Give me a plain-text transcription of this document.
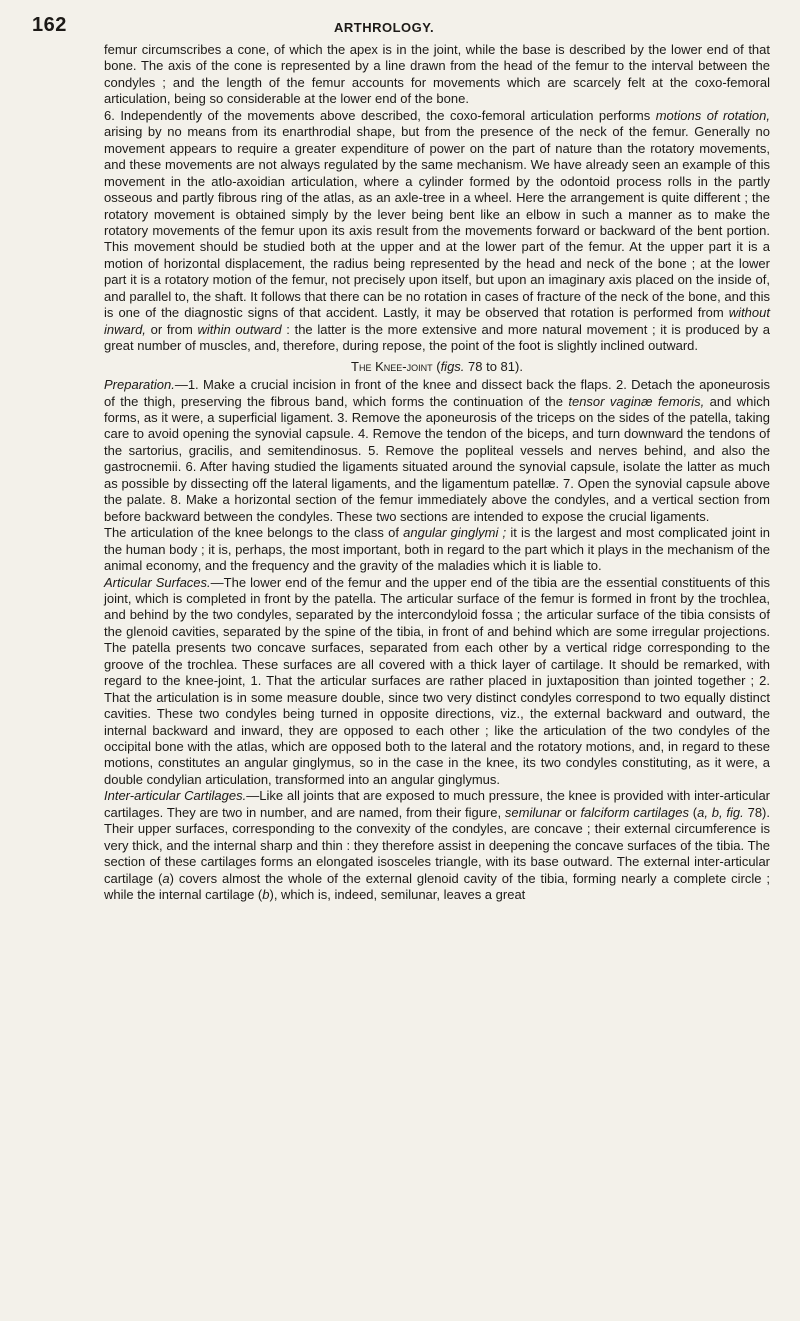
162	ARTHROLOGY.

femur circumscribes a cone, of which the apex is in the joint, while the base is described by the lower end of that bone. The axis of the cone is represented by a line drawn from the head of the femur to the interval between the condyles ; and the length of the femur accounts for movements which are scarcely felt at the coxo-femoral articulation, being so considerable at the lower end of the bone.

6. Independently of the movements above described, the coxo-femoral articulation performs motions of rotation, arising by no means from its enarthrodial shape, but from the presence of the neck of the femur. Generally no movement appears to require a greater expenditure of power on the part of nature than the rotatory movements, and these movements are not always regulated by the same mechanism. We have already seen an example of this movement in the atlo-axoidian articulation, where a cylinder formed by the odontoid process rolls in the partly osseous and partly fibrous ring of the atlas, as an axle-tree in a wheel. Here the arrangement is quite different ; the rotatory movement is obtained simply by the lever being bent like an elbow in such a manner as to make the rotatory movements of the femur upon its axis result from the movements forward or backward of the bent portion. This movement should be studied both at the upper and at the lower part of the femur. At the upper part it is a motion of horizontal displacement, the radius being represented by the head and neck of the bone ; at the lower part it is a rotatory motion of the femur, not precisely upon itself, but upon an imaginary axis placed on the inside of, and parallel to, the shaft. It follows that there can be no rotation in cases of fracture of the neck of the bone, and this is one of the diagnostic signs of that accident. Lastly, it may be observed that rotation is performed from without inward, or from within outward : the latter is the more extensive and more natural movement ; it is produced by a great number of muscles, and, therefore, during repose, the point of the foot is slightly inclined outward.

The Knee-joint (figs. 78 to 81).

Preparation.—1. Make a crucial incision in front of the knee and dissect back the flaps. 2. Detach the aponeurosis of the thigh, preserving the fibrous band, which forms the continuation of the tensor vaginæ femoris, and which forms, as it were, a superficial ligament. 3. Remove the aponeurosis of the triceps on the sides of the patella, taking care to avoid opening the synovial capsule. 4. Remove the tendon of the biceps, and turn downward the tendons of the sartorius, gracilis, and semitendinosus. 5. Remove the popliteal vessels and nerves behind, and also the gastrocnemii. 6. After having studied the ligaments situated around the synovial capsule, isolate the latter as much as possible by dissecting off the lateral ligaments, and the ligamentum patellæ. 7. Open the synovial capsule above the palate. 8. Make a horizontal section of the femur immediately above the condyles, and a vertical section from before backward between the condyles. These two sections are intended to expose the crucial ligaments.

The articulation of the knee belongs to the class of angular ginglymi ; it is the largest and most complicated joint in the human body ; it is, perhaps, the most important, both in regard to the part which it plays in the mechanism of the animal economy, and the frequency and the gravity of the maladies which it is liable to.

Articular Surfaces.—The lower end of the femur and the upper end of the tibia are the essential constituents of this joint, which is completed in front by the patella. The articular surface of the femur is formed in front by the trochlea, and behind by the two condyles, separated by the intercondyloid fossa ; the articular surface of the tibia consists of the glenoid cavities, separated by the spine of the tibia, in front of and behind which are some irregular projections. The patella presents two concave surfaces, separated from each other by a vertical ridge corresponding to the groove of the trochlea. These surfaces are all covered with a thick layer of cartilage. It should be remarked, with regard to the knee-joint, 1. That the articular surfaces are rather placed in juxtaposition than jointed together ; 2. That the articulation is in some measure double, since two very distinct condyles correspond to two equally distinct cavities. These two condyles being turned in opposite directions, viz., the external backward and outward, the internal backward and inward, they are opposed to each other ; like the articulation of the two condyles of the occipital bone with the atlas, which are opposed both to the lateral and the rotatory motions, and, in regard to these motions, constitutes an angular ginglymus, so in the case in the knee, its two condyles constituting, as it were, a double condylian articulation, transformed into an angular ginglymus.

Inter-articular Cartilages.—Like all joints that are exposed to much pressure, the knee is provided with inter-articular cartilages. They are two in number, and are named, from their figure, semilunar or falciform cartilages (a, b, fig. 78). Their upper surfaces, corresponding to the convexity of the condyles, are concave ; their external circumference is very thick, and the internal sharp and thin : they therefore assist in deepening the concave surfaces of the tibia. The section of these cartilages forms an elongated isosceles triangle, with its base outward. The external inter-articular cartilage (a) covers almost the whole of the external glenoid cavity of the tibia, forming nearly a complete circle ; while the internal cartilage (b), which is, indeed, semilunar, leaves a great
